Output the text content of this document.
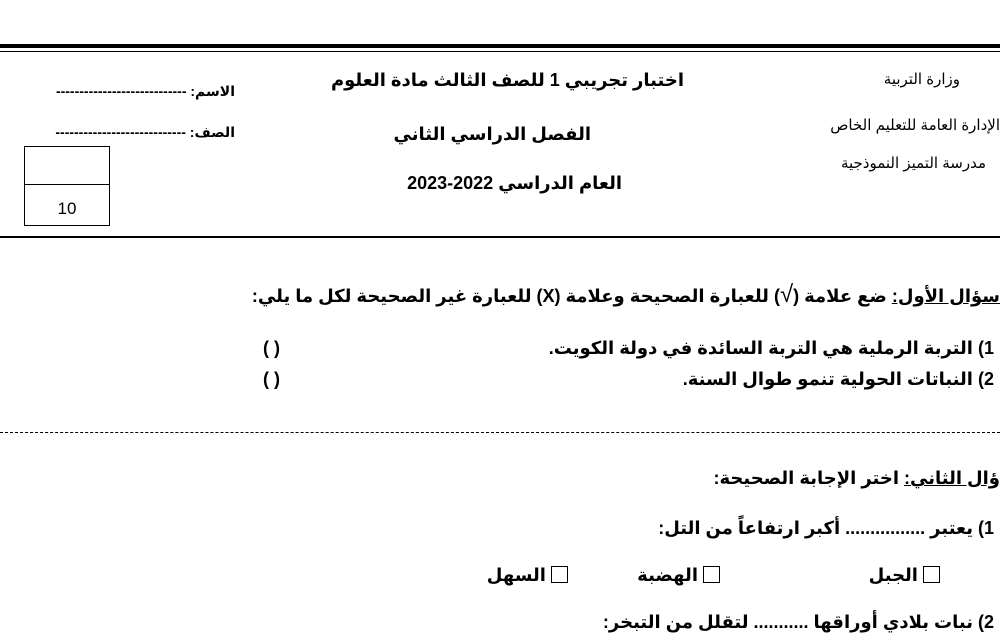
وزارة التربية
الإدارة العامة للتعليم الخاص
مدرسة التميز النموذجية
اختبار تجريبي 1 للصف الثالث مادة العلوم
الفصل الدراسي الثاني
العام الدراسي 2022-2023
الاسم: ----------------------------
الصف: ----------------------------
10
سؤال الأول: ضع علامة (√) للعبارة الصحيحة وعلامة (X) للعبارة غير الصحيحة لكل ما يلي:
1) التربة الرملية هي التربة السائدة في دولة الكويت.
( )
2) النباتات الحولية تنمو طوال السنة.
( )
ؤال الثاني: اختر الإجابة الصحيحة:
1) يعتبر ................ أكبر ارتفاعاً من التل:
الجبل
الهضبة
السهل
2) نبات بلادي أوراقها ........... لتقلل من التبخر:
